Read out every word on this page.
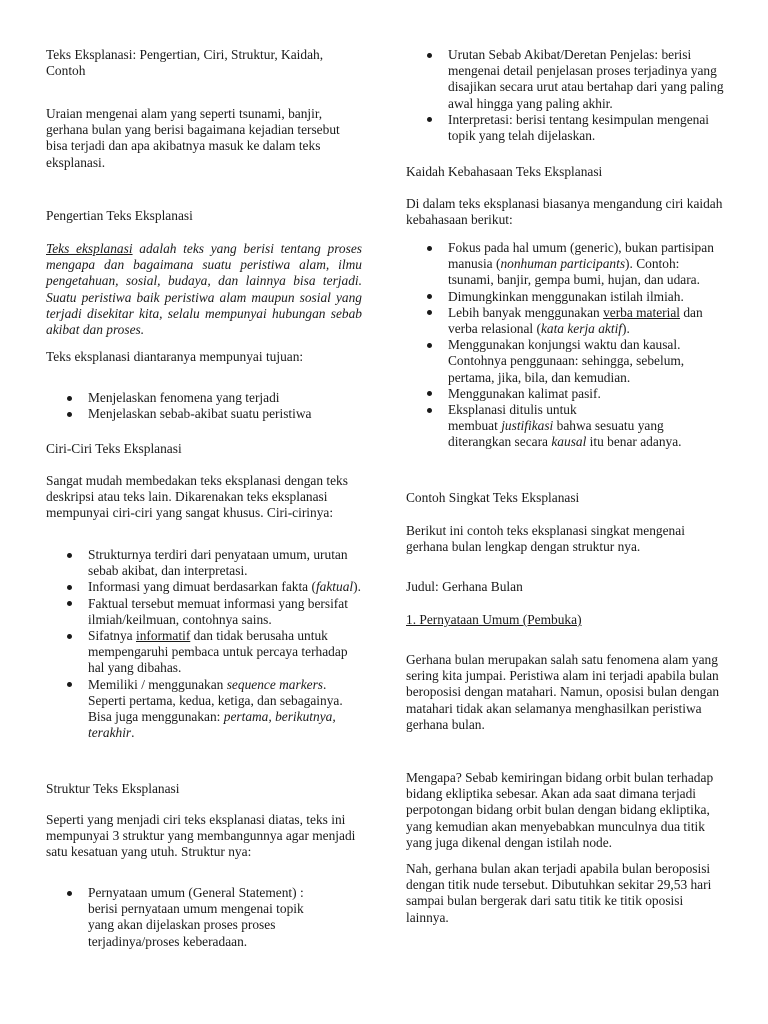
Teks Eksplanasi: Pengertian, Ciri, Struktur, Kaidah, Contoh

Uraian mengenai alam yang seperti tsunami, banjir, gerhana bulan yang berisi bagaimana kejadian tersebut bisa terjadi dan apa akibatnya masuk ke dalam teks eksplanasi.

Pengertian Teks Eksplanasi

Teks eksplanasi adalah teks yang berisi tentang proses mengapa dan bagaimana suatu peristiwa alam, ilmu pengetahuan, sosial, budaya, dan lainnya bisa terjadi. Suatu peristiwa baik peristiwa alam maupun sosial yang terjadi disekitar kita, selalu mempunyai hubungan sebab akibat dan proses.

Teks eksplanasi diantaranya mempunyai tujuan:

Menjelaskan fenomena yang terjadi
Menjelaskan sebab-akibat suatu peristiwa

Ciri-Ciri Teks Eksplanasi

Sangat mudah membedakan teks eksplanasi dengan teks deskripsi atau teks lain. Dikarenakan teks eksplanasi mempunyai ciri-ciri yang sangat khusus. Ciri-cirinya:

Strukturnya terdiri dari penyataan umum, urutan sebab akibat, dan interpretasi.
Informasi yang dimuat berdasarkan fakta (faktual).
Faktual tersebut memuat informasi yang bersifat ilmiah/keilmuan, contohnya sains.
Sifatnya informatif dan tidak berusaha untuk mempengaruhi pembaca untuk percaya terhadap hal yang dibahas.
Memiliki / menggunakan sequence markers. Seperti pertama, kedua, ketiga, dan sebagainya. Bisa juga menggunakan: pertama, berikutnya, terakhir.

Struktur Teks Eksplanasi

Seperti yang menjadi ciri teks eksplanasi diatas, teks ini mempunyai 3 struktur yang membangunnya agar menjadi satu kesatuan yang utuh. Struktur nya:

Pernyataan umum (General Statement) : berisi pernyataan umum mengenai topik yang akan dijelaskan proses proses
terjadinya/proses keberadaan.
Urutan Sebab Akibat/Deretan Penjelas: berisi mengenai detail penjelasan proses terjadinya yang disajikan secara urut atau bertahap dari yang paling awal hingga yang paling akhir.
Interpretasi: berisi tentang kesimpulan mengenai topik yang telah dijelaskan.

Kaidah Kebahasaan Teks Eksplanasi

Di dalam teks eksplanasi biasanya mengandung ciri kaidah kebahasaan berikut:

Fokus pada hal umum (generic), bukan partisipan manusia (nonhuman participants). Contoh: tsunami, banjir, gempa bumi, hujan, dan udara.
Dimungkinkan menggunakan istilah ilmiah.
Lebih banyak menggunakan verba material dan verba relasional (kata kerja aktif).
Menggunakan konjungsi waktu dan kausal. Contohnya penggunaan: sehingga, sebelum, pertama, jika, bila, dan kemudian.
Menggunakan kalimat pasif.
Eksplanasi ditulis untuk
membuat justifikasi bahwa sesuatu yang diterangkan secara kausal itu benar adanya.

Contoh Singkat Teks Eksplanasi

Berikut ini contoh teks eksplanasi singkat mengenai gerhana bulan lengkap dengan struktur nya.

Judul: Gerhana Bulan

1. Pernyataan Umum (Pembuka)

Gerhana bulan merupakan salah satu fenomena alam yang sering kita jumpai. Peristiwa alam ini terjadi apabila bulan beroposisi dengan matahari. Namun, oposisi bulan dengan matahari tidak akan selamanya menghasilkan peristiwa gerhana bulan.

Mengapa? Sebab kemiringan bidang orbit bulan terhadap bidang ekliptika sebesar. Akan ada saat dimana terjadi perpotongan bidang orbit bulan dengan bidang ekliptika, yang kemudian akan menyebabkan munculnya dua titik yang juga dikenal dengan istilah node.

Nah, gerhana bulan akan terjadi apabila bulan beroposisi dengan titik nude tersebut. Dibutuhkan sekitar 29,53 hari sampai bulan bergerak dari satu titik ke titik oposisi lainnya.
